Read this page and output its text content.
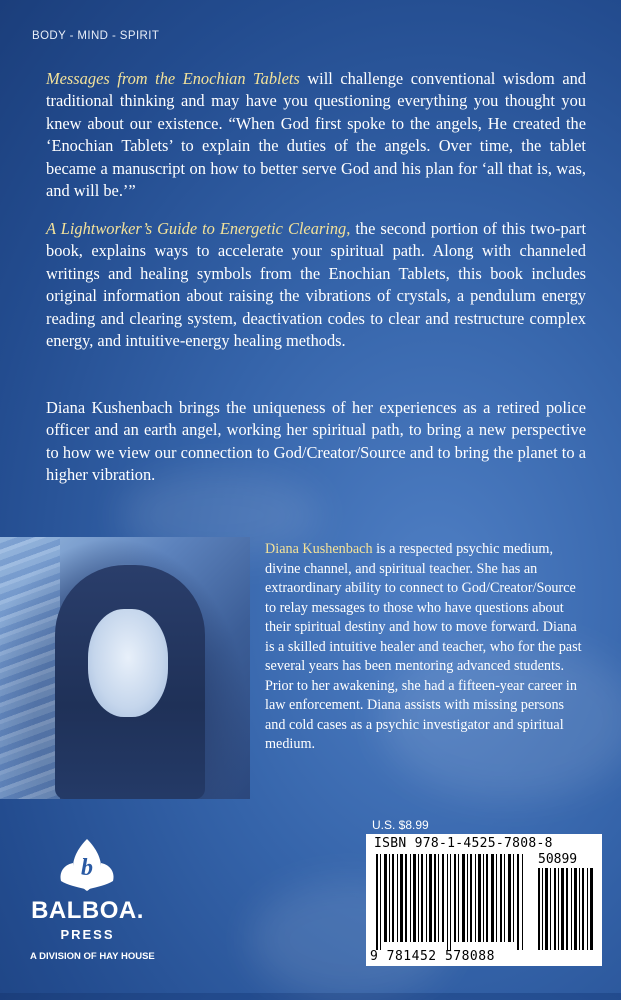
BODY - MIND - SPIRIT

Messages from the Enochian Tablets will challenge conventional wisdom and traditional thinking and may have you questioning everything you thought you knew about our existence. “When God first spoke to the angels, He created the ‘Enochian Tablets’ to explain the duties of the angels. Over time, the tablet became a manuscript on how to better serve God and his plan for ‘all that is, was, and will be.’”

A Lightworker’s Guide to Energetic Clearing, the second portion of this two-part book, explains ways to accelerate your spiritual path. Along with channeled writings and healing symbols from the Enochian Tablets, this book includes original information about raising the vibrations of crystals, a pendulum energy reading and clearing system, deactivation codes to clear and restructure complex energy, and intuitive-energy healing methods.

Diana Kushenbach brings the uniqueness of her experiences as a retired police officer and an earth angel, working her spiritual path, to bring a new perspective to how we view our connection to God/Creator/Source and to bring the planet to a higher vibration.

Diana Kushenbach is a respected psychic medium, divine channel, and spiritual teacher. She has an extraordinary ability to connect to God/Creator/Source to relay messages to those who have questions about their spiritual destiny and how to move forward. Diana is a skilled intuitive healer and teacher, who for the past several years has been mentoring advanced students. Prior to her awakening, she had a fifteen-year career in law enforcement. Diana assists with missing persons and cold cases as a psychic investigator and spiritual medium.

b
BALBOA.
PRESS
A DIVISION OF HAY HOUSE
U.S. $8.99
ISBN 978-1-4525-7808-8
50899
9 781452 578088
